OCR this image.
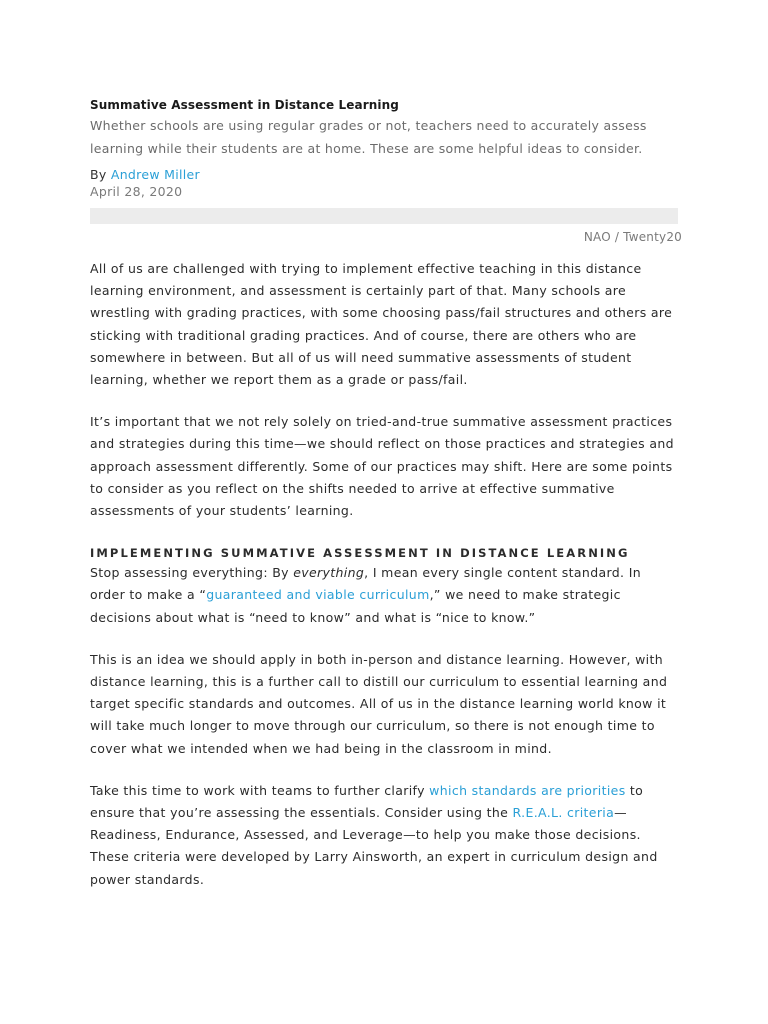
Summative Assessment in Distance Learning

Whether schools are using regular grades or not, teachers need to accurately assess learning while their students are at home. These are some helpful ideas to consider.

By Andrew Miller

April 28, 2020

NAO / Twenty20

All of us are challenged with trying to implement effective teaching in this distance learning environment, and assessment is certainly part of that. Many schools are wrestling with grading practices, with some choosing pass/fail structures and others are sticking with traditional grading practices. And of course, there are others who are somewhere in between. But all of us will need summative assessments of student learning, whether we report them as a grade or pass/fail.

It’s important that we not rely solely on tried-and-true summative assessment practices and strategies during this time—we should reflect on those practices and strategies and approach assessment differently. Some of our practices may shift. Here are some points to consider as you reflect on the shifts needed to arrive at effective summative assessments of your students’ learning.

IMPLEMENTING SUMMATIVE ASSESSMENT IN DISTANCE LEARNING

Stop assessing everything: By everything, I mean every single content standard. In order to make a “guaranteed and viable curriculum,” we need to make strategic decisions about what is “need to know” and what is “nice to know.”

This is an idea we should apply in both in-person and distance learning. However, with distance learning, this is a further call to distill our curriculum to essential learning and target specific standards and outcomes. All of us in the distance learning world know it will take much longer to move through our curriculum, so there is not enough time to cover what we intended when we had being in the classroom in mind.

Take this time to work with teams to further clarify which standards are priorities to ensure that you’re assessing the essentials. Consider using the R.E.A.L. criteria—Readiness, Endurance, Assessed, and Leverage—to help you make those decisions. These criteria were developed by Larry Ainsworth, an expert in curriculum design and power standards.
